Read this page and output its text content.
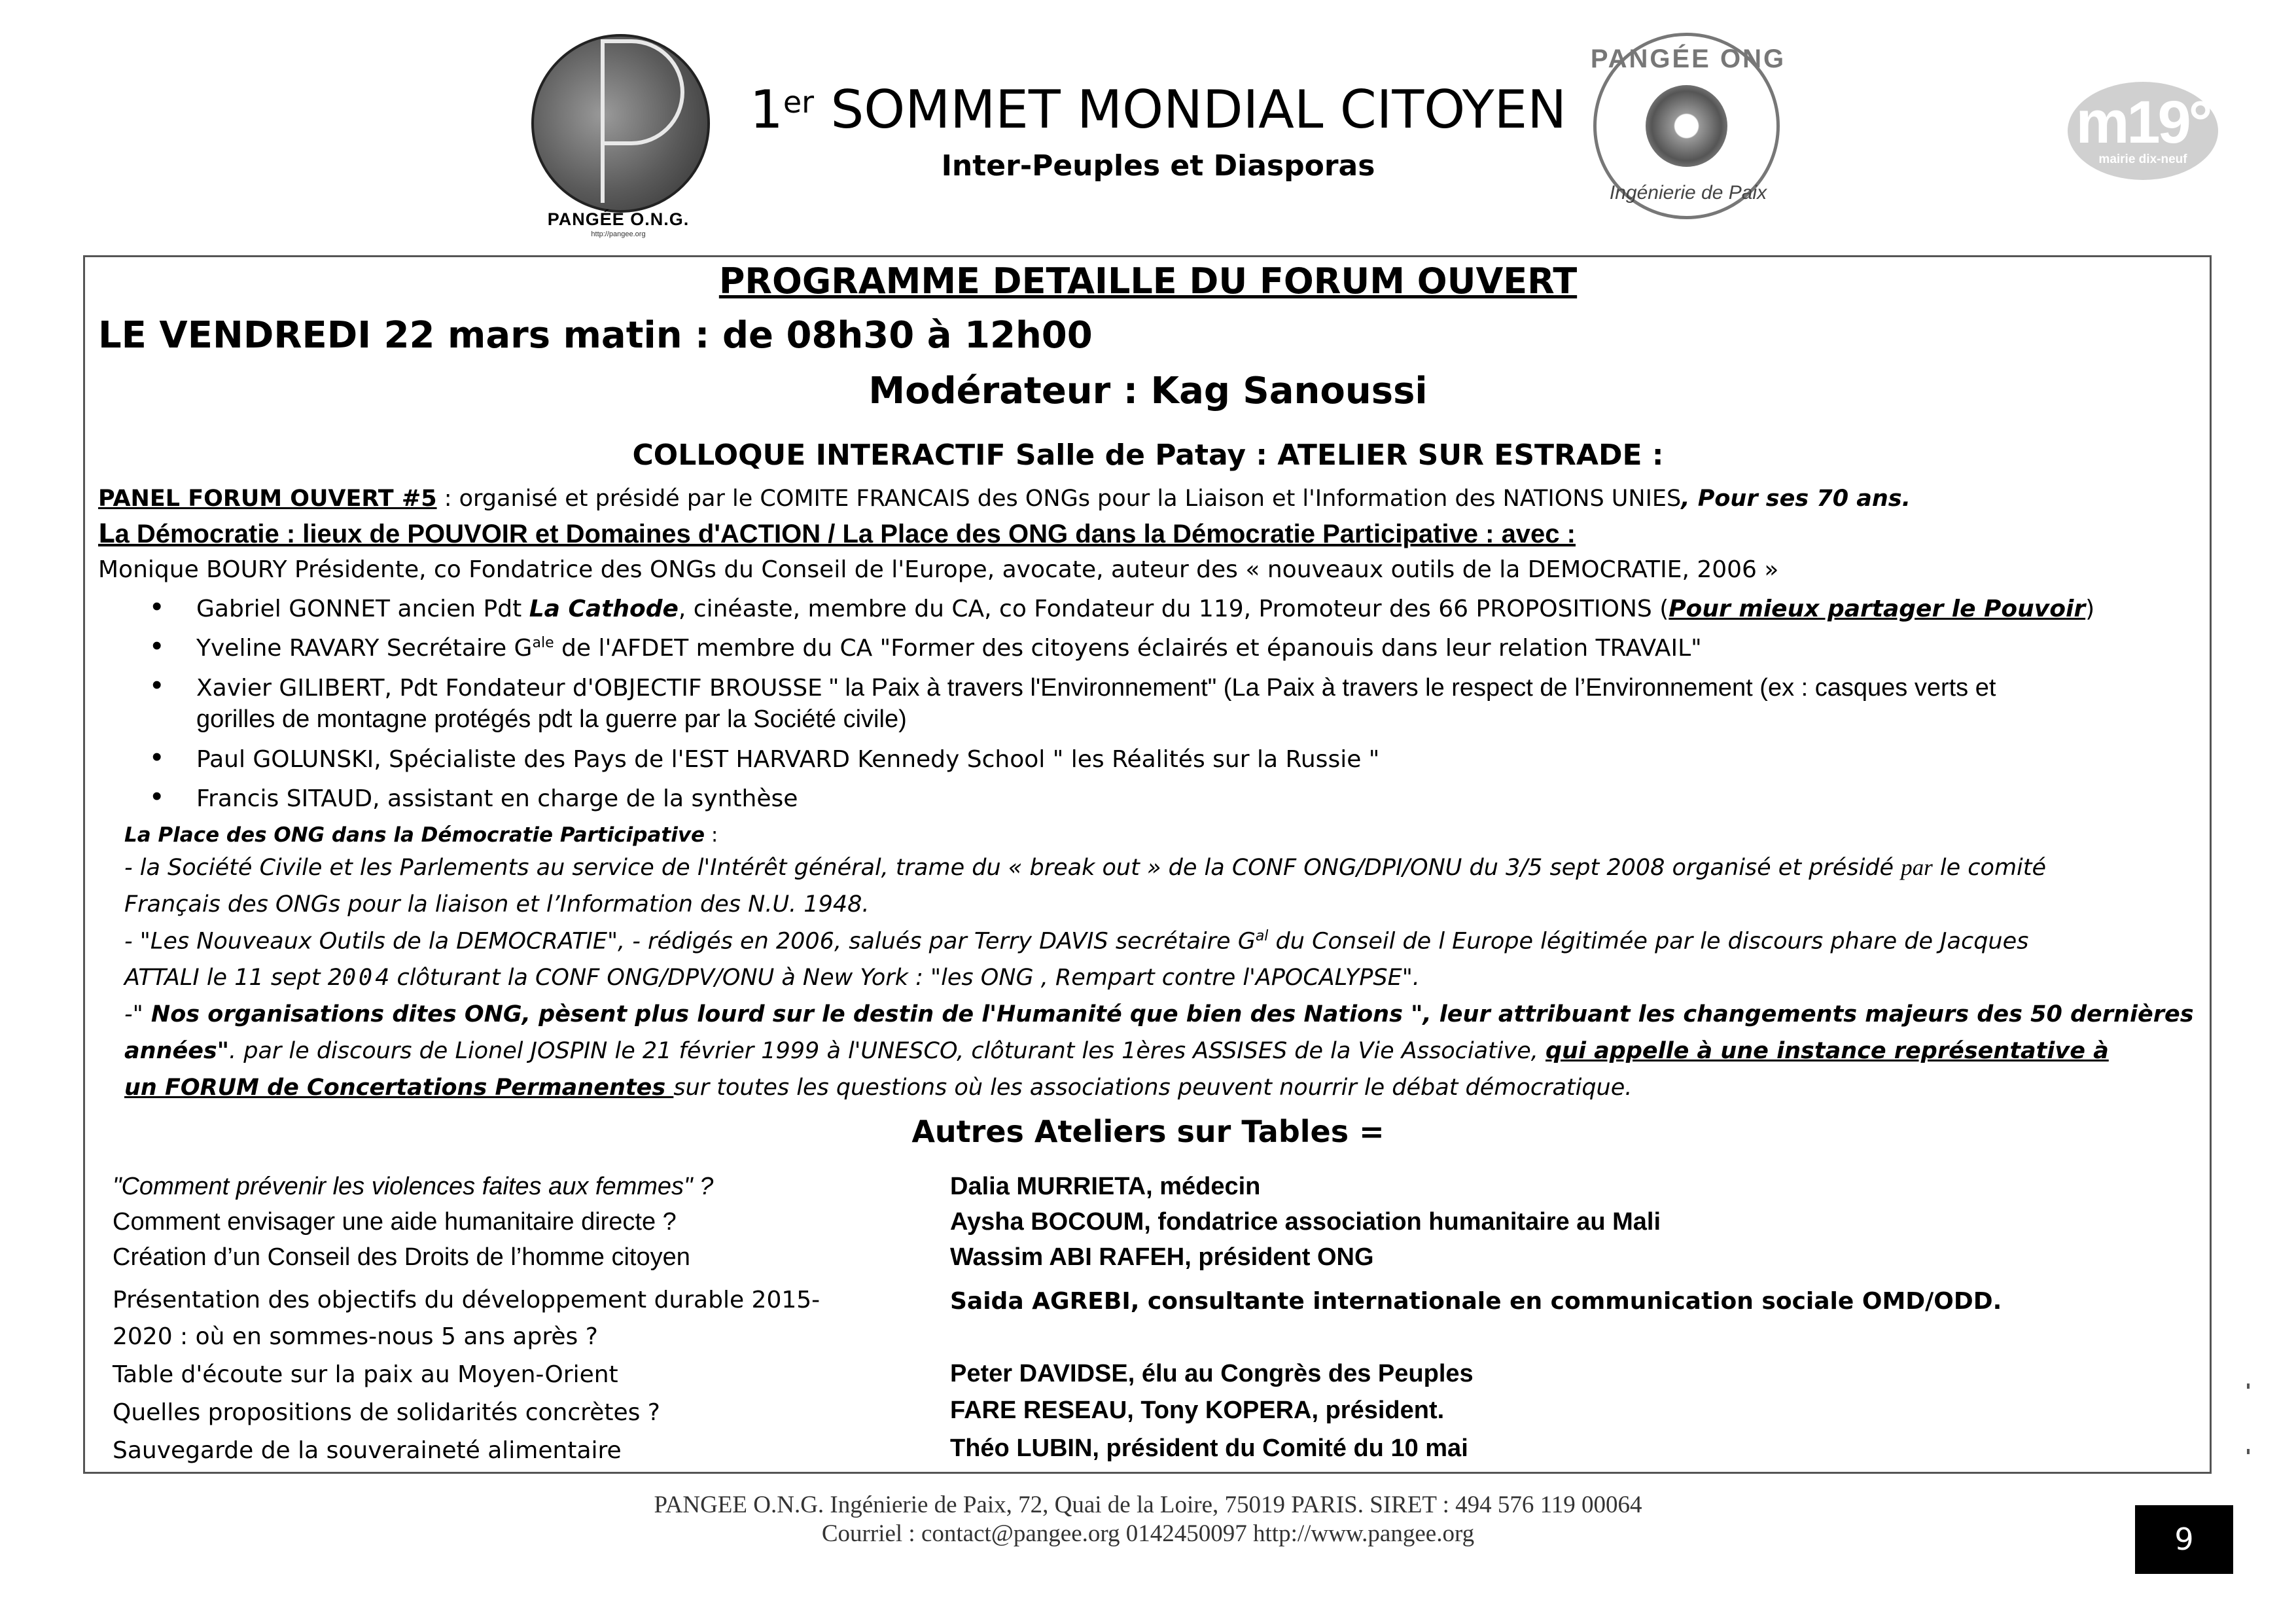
PANGÉE O.N.G.
http://pangee.org
1er SOMMET MONDIAL CITOYEN
Inter-Peuples et Diasporas
PANGÉE ONG
Ingénierie de Paix
m19°
mairie dix-neuf
PROGRAMME DETAILLE DU FORUM OUVERT
LE VENDREDI 22 mars matin : de 08h30 à 12h00
Modérateur : Kag Sanoussi
COLLOQUE INTERACTIF Salle de Patay : ATELIER SUR ESTRADE :
PANEL FORUM OUVERT #5 : organisé et présidé par le COMITE FRANCAIS des ONGs pour la Liaison et l'Information des NATIONS UNIES, Pour ses 70 ans.
La Démocratie : lieux de POUVOIR et Domaines d'ACTION / La Place des ONG dans la Démocratie Participative : avec :
Monique BOURY Présidente, co Fondatrice des ONGs du Conseil de l'Europe, avocate, auteur des « nouveaux outils de la DEMOCRATIE, 2006 »
• Gabriel GONNET ancien Pdt La Cathode, cinéaste, membre du CA, co Fondateur du 119, Promoteur des 66 PROPOSITIONS (Pour mieux partager le Pouvoir)
• Yveline RAVARY Secrétaire $G^{ale}$ de l'AFDET membre du CA "Former des citoyens éclairés et épanouis dans leur relation TRAVAIL"
• Xavier GILIBERT, Pdt Fondateur d'OBJECTIF BROUSSE " la Paix à travers l'Environnement" (La Paix à travers le respect de l’Environnement (ex : casques verts et
gorilles de montagne protégés pdt la guerre par la Société civile)
• Paul GOLUNSKI, Spécialiste des Pays de l'EST HARVARD Kennedy School " les Réalités sur la Russie "
• Francis SITAUD, assistant en charge de la synthèse
La Place des ONG dans la Démocratie Participative :
- la Société Civile et les Parlements au service de l'Intérêt général, trame du « break out » de la CONF ONG/DPI/ONU du 3/5 sept 2008 organisé et présidé par le comité
Français des ONGs pour la liaison et l’Information des N.U. 1948.
- "Les Nouveaux Outils de la DEMOCRATIE", - rédigés en 2006, salués par Terry DAVIS secrétaire $G^{al}$ du Conseil de l Europe légitimée par le discours phare de Jacques
ATTALI le 11 sept 2004 clôturant la CONF ONG/DPV/ONU à New York : "les ONG , Rempart contre l'APOCALYPSE".
-" Nos organisations dites ONG, pèsent plus lourd sur le destin de l'Humanité que bien des Nations ", leur attribuant les changements majeurs des 50 dernières
années". par le discours de Lionel JOSPIN le 21 février 1999 à l'UNESCO, clôturant les 1ères ASSISES de la Vie Associative, qui appelle à une instance représentative à
un FORUM de Concertations Permanentes sur toutes les questions où les associations peuvent nourrir le débat démocratique.
Autres Ateliers sur Tables =
"Comment prévenir les violences faites aux femmes" ?	Dalia MURRIETA, médecin
Comment envisager une aide humanitaire directe ?	Aysha BOCOUM, fondatrice association humanitaire au Mali
Création d’un Conseil des Droits de l’homme citoyen	Wassim ABI RAFEH, président ONG
Présentation des objectifs du développement durable 2015-
2020 : où en sommes-nous 5 ans après ?
Saida AGREBI, consultante internationale en communication sociale OMD/ODD.
Table d'écoute sur la paix au Moyen-Orient	Peter DAVIDSE, élu au Congrès des Peuples
Quelles propositions de solidarités concrètes ?	FARE RESEAU, Tony KOPERA, président.
Sauvegarde de la souveraineté alimentaire	Théo LUBIN, président du Comité du 10 mai
PANGEE O.N.G. Ingénierie de Paix, 72, Quai de la Loire, 75019 PARIS. SIRET : 494 576 119 00064
Courriel : contact@pangee.org 0142450097 http://www.pangee.org	9
